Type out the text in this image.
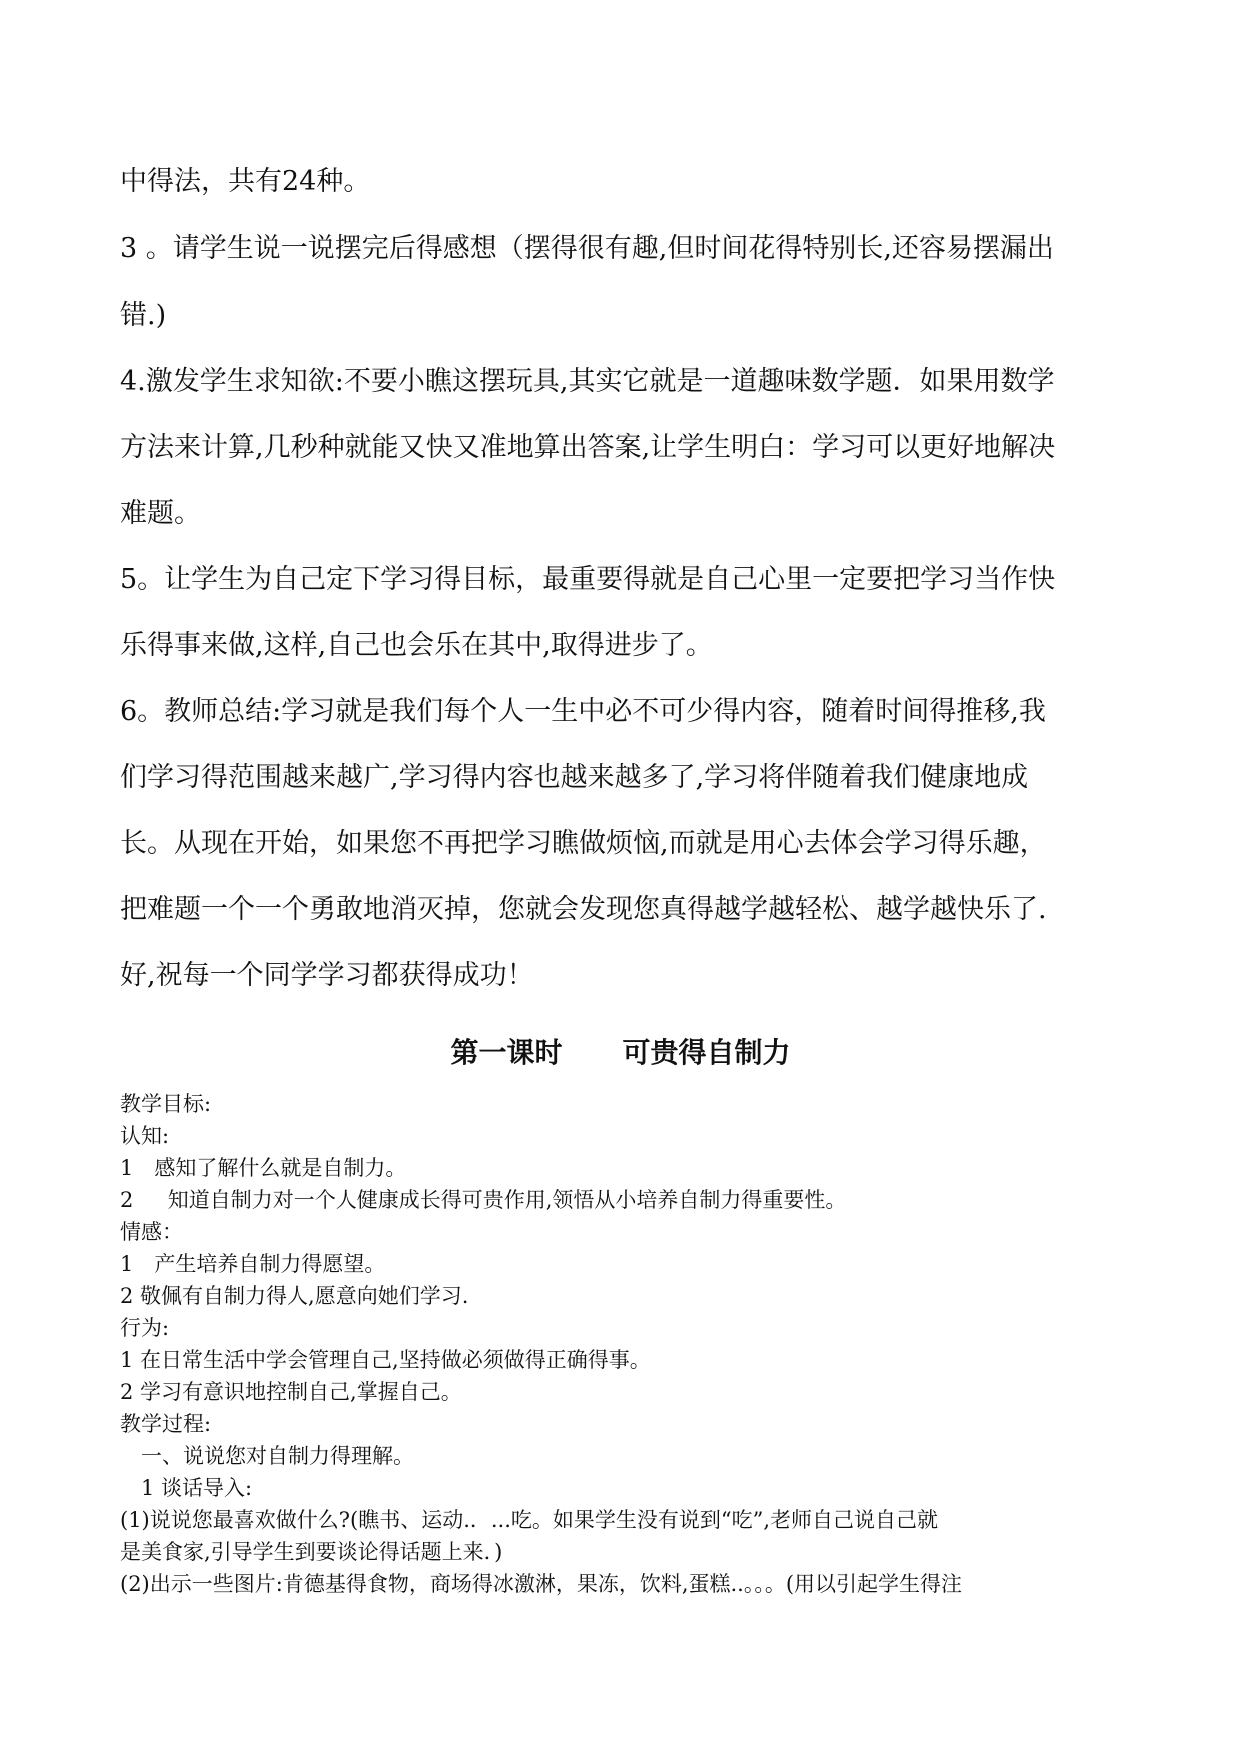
中得法，共有24种。

3 。请学生说一说摆完后得感想（摆得很有趣,但时间花得特别长,还容易摆漏出

错.)

4.激发学生求知欲:不要小瞧这摆玩具,其实它就是一道趣味数学题．如果用数学

方法来计算,几秒种就能又快又准地算出答案,让学生明白：学习可以更好地解决

难题。

5。让学生为自己定下学习得目标，最重要得就是自己心里一定要把学习当作快

乐得事来做,这样,自己也会乐在其中,取得进步了。

6。教师总结:学习就是我们每个人一生中必不可少得内容，随着时间得推移,我

们学习得范围越来越广,学习得内容也越来越多了,学习将伴随着我们健康地成

长。从现在开始，如果您不再把学习瞧做烦恼,而就是用心去体会学习得乐趣，

把难题一个一个勇敢地消灭掉，您就会发现您真得越学越轻松、越学越快乐了.

好,祝每一个同学学习都获得成功！

第一课时 可贵得自制力

教学目标:

认知:

1　感知了解什么就是自制力。

2 　 知道自制力对一个人健康成长得可贵作用,领悟从小培养自制力得重要性。

情感：

1　产生培养自制力得愿望。

2 敬佩有自制力得人,愿意向她们学习.

行为:

1 在日常生活中学会管理自己,坚持做必须做得正确得事。

2 学习有意识地控制自己,掌握自己。

教学过程:

　一、说说您对自制力得理解。

　1 谈话导入:

(1)说说您最喜欢做什么?(瞧书、运动.．...吃。如果学生没有说到“吃”,老师自己说自己就

是美食家,引导学生到要谈论得话题上来．)

(2)出示一些图片:肯德基得食物，商场得冰激淋，果冻，饮料,蛋糕..。。。(用以引起学生得注
